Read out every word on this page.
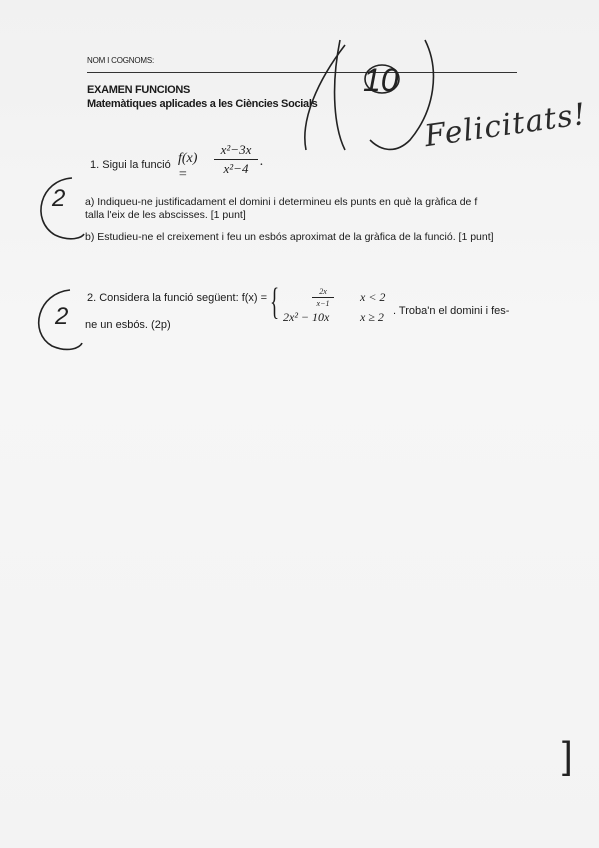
NOM I COGNOMS:
EXAMEN FUNCIONS
Matemàtiques aplicades a les Ciències Socials
1. Sigui la funció f(x) =
x²−3x
x²−4 .
a) Indiqueu-ne justificadament el domini i determineu els punts en què la gràfica de f
talla l'eix de les abscisses. [1 punt]
b) Estudieu-ne el creixement i feu un esbós aproximat de la gràfica de la funció. [1 punt]
2. Considera la funció següent: f(x) = {	2x
x−1
2x² − 10x
x < 2
x ≥ 2 . Troba'n el domini i fes-
ne un esbós. (2p)
10
Felicitats!
2
2
]
